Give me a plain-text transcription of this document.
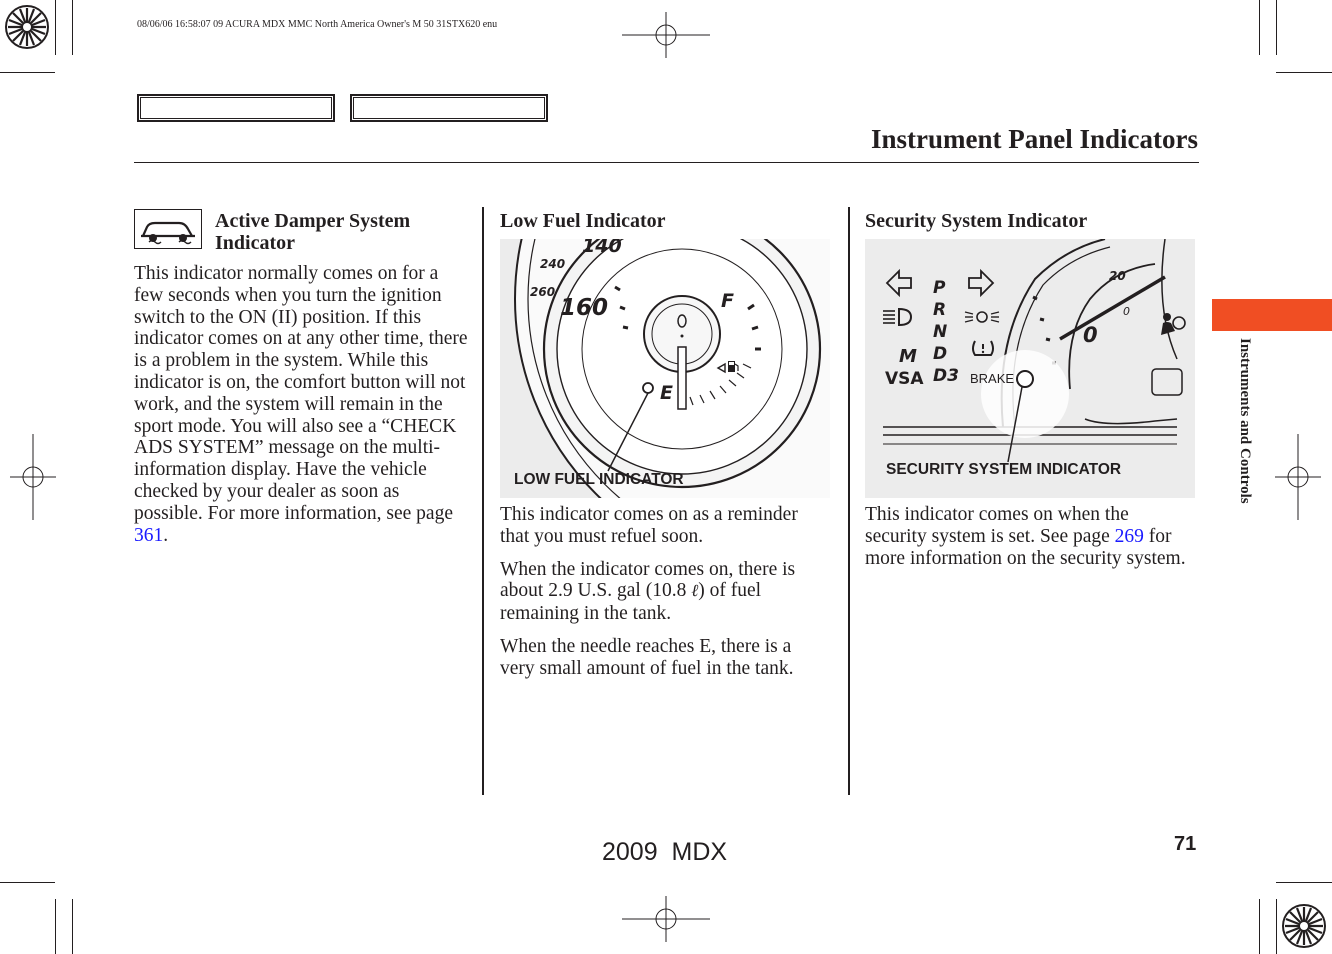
08/06/06 16:58:07 09 ACURA MDX MMC North America Owner's M 50 31STX620 enu
Instrument Panel Indicators
Active Damper System
Indicator

This indicator normally comes on for a few seconds when you turn the ignition switch to the ON (II) position. If this indicator comes on at any other time, there is a problem in the system. While this indicator is on, the comfort button will not work, and the system will remain in the sport mode. You will also see a “CHECK ADS SYSTEM” message on the multi-information display. Have the vehicle checked by your dealer as soon as possible. For more information, see page 361.

Low Fuel Indicator
240
260
160
140
F
E
LOW FUEL INDICATOR

This indicator comes on as a reminder that you must refuel soon.

When the indicator comes on, there is about 2.9 U.S. gal (10.8 ℓ) of fuel remaining in the tank.

When the needle reaches E, there is a very small amount of fuel in the tank.

Security System Indicator
P
R
N
D
D3
M
VSA	BRAKE
20
0
0
SECURITY SYSTEM INDICATOR

This indicator comes on when the security system is set. See page 269 for more information on the security system.

Instruments and Controls
71
2009  MDX
